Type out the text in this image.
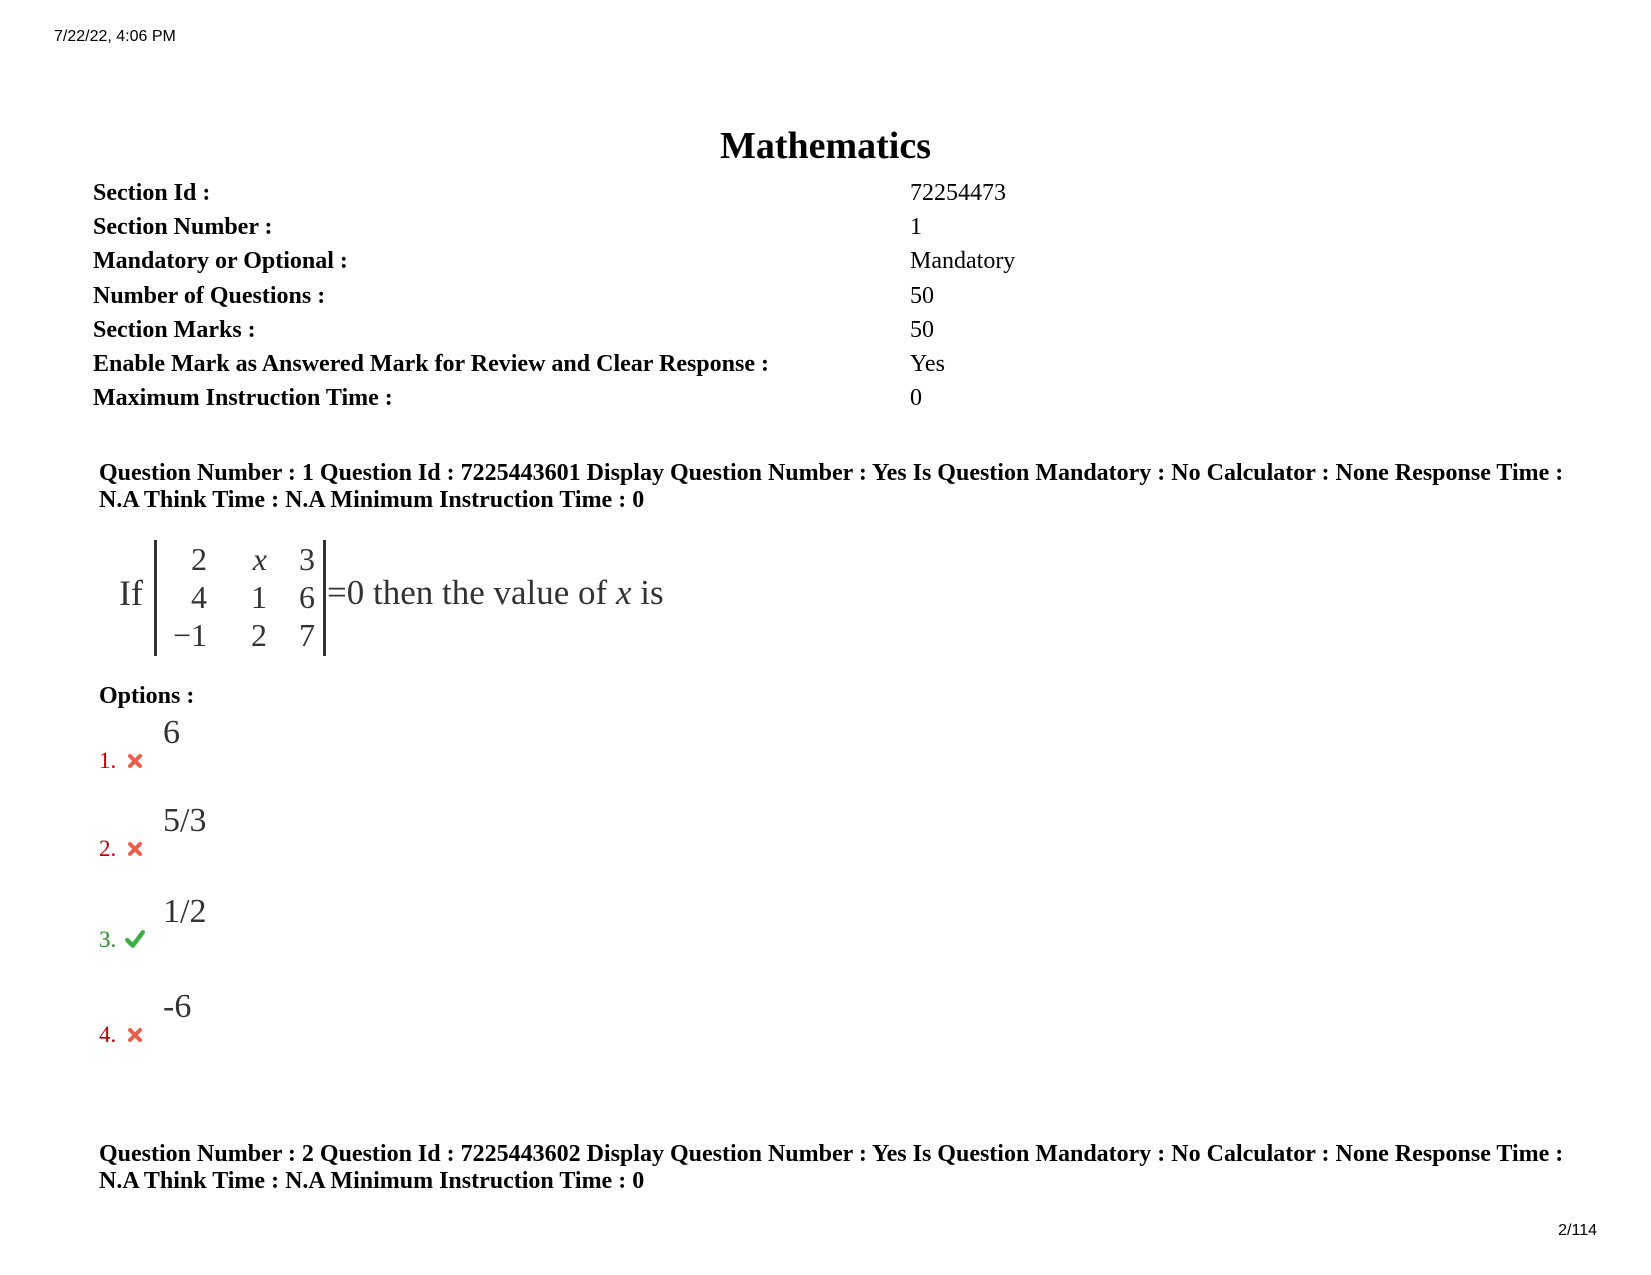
7/22/22, 4:06 PM
Mathematics
Section Id :	72254473
Section Number :	1
Mandatory or Optional :	Mandatory
Number of Questions :	50
Section Marks :	50
Enable Mark as Answered Mark for Review and Clear Response :	Yes
Maximum Instruction Time :	0
Question Number : 1 Question Id : 7225443601 Display Question Number : Yes Is Question Mandatory : No Calculator : None Response Time : N.A Think Time : N.A Minimum Instruction Time : 0
If
2	x	3
4	1	6
−1	2	7
=0 then the value of x is
Options :
1.
6
2.
5/3
3.
1/2
4.
-6
Question Number : 2 Question Id : 7225443602 Display Question Number : Yes Is Question Mandatory : No Calculator : None Response Time : N.A Think Time : N.A Minimum Instruction Time : 0
2/114
